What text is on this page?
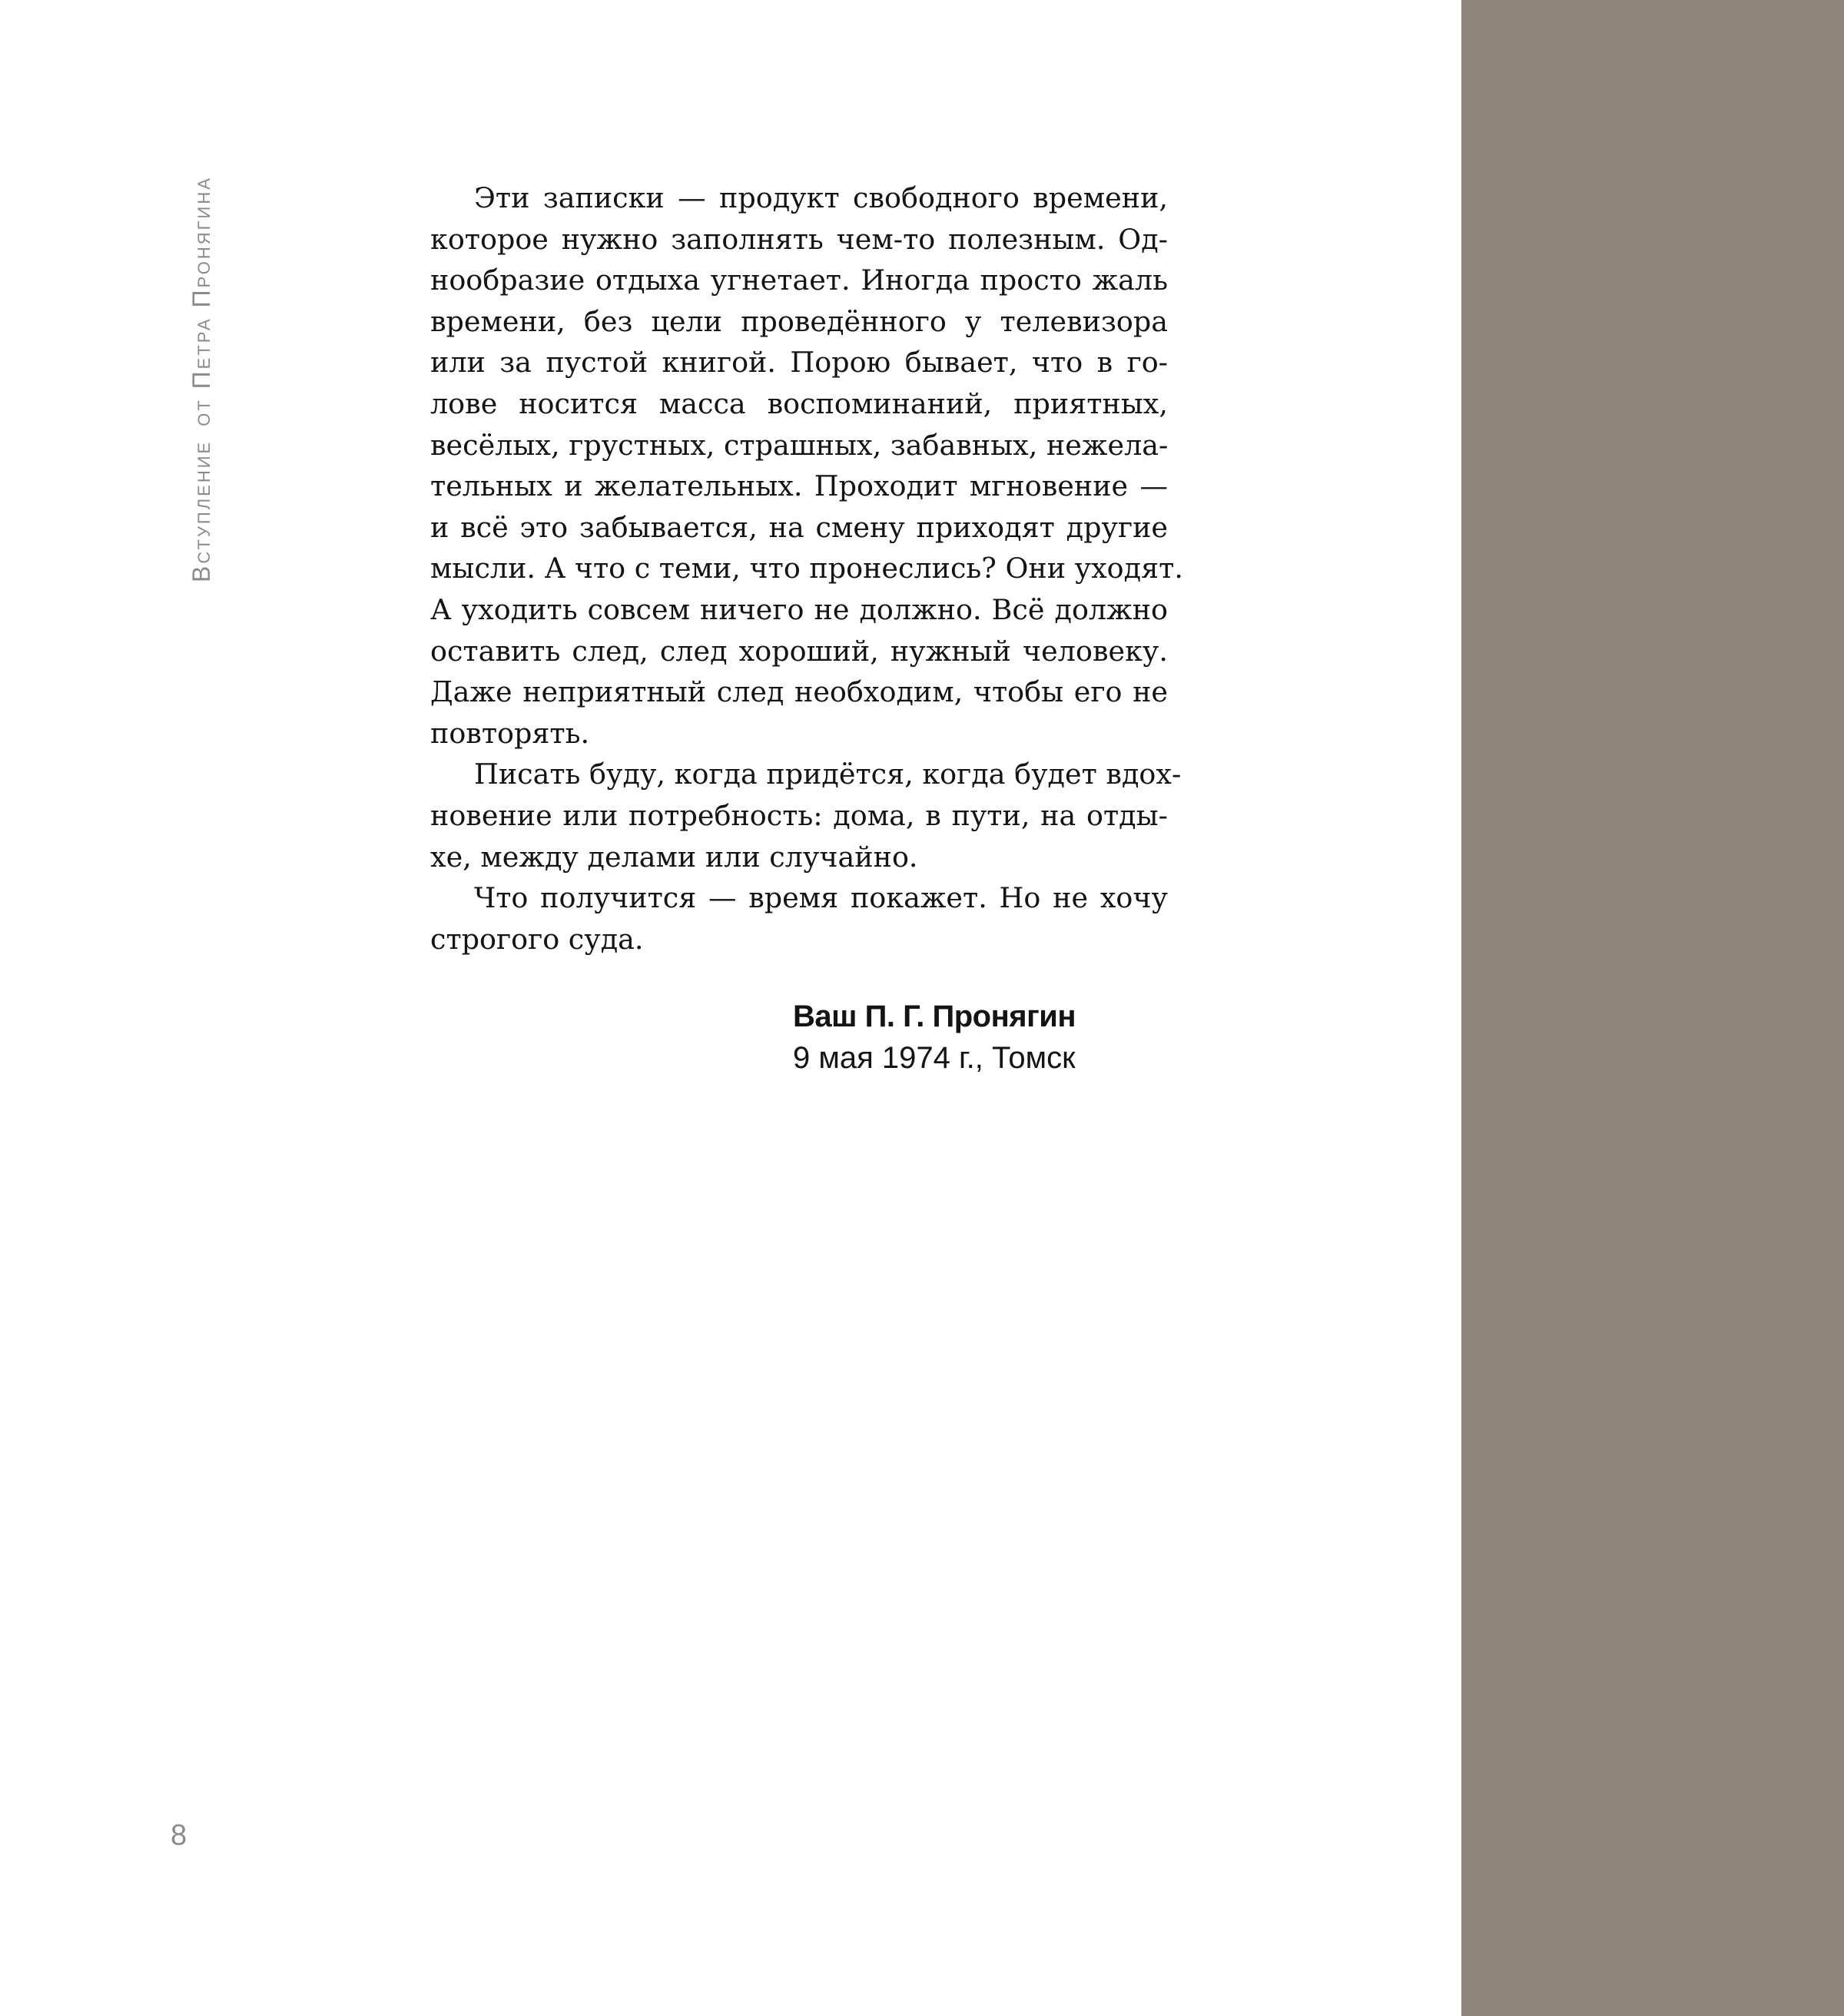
Вступлениеот Петра Пронягина
8
Эти записки — продукт свободного времени,
которое нужно заполнять чем-то полезным. Од-
нообразие отдыха угнетает. Иногда просто жаль
времени, без цели проведённого у телевизора
или за пустой книгой. Порою бывает, что в го-
лове носится масса воспоминаний, приятных,
весёлых, грустных, страшных, забавных, нежела-
тельных и желательных. Проходит мгновение —
и всё это забывается, на смену приходят другие
мысли. А что с теми, что пронеслись? Они уходят.
А уходить совсем ничего не должно. Всё должно
оставить след, след хороший, нужный человеку.
Даже неприятный след необходим, чтобы его не
повторять.
Писать буду, когда придётся, когда будет вдох-
новение или потребность: дома, в пути, на отды-
хе, между делами или случайно.
Что получится — время покажет. Но не хочу
строгого суда.
Ваш П. Г. Пронягин
9 мая 1974 г., Томск
